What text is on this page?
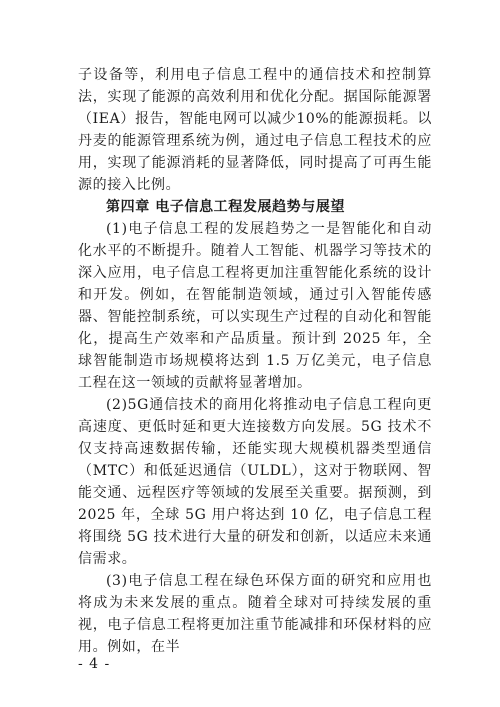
子设备等，利用电子信息工程中的通信技术和控制算法，实现了能源的高效利用和优化分配。据国际能源署（IEA）报告，智能电网可以减少10%的能源损耗。以丹麦的能源管理系统为例，通过电子信息工程技术的应用，实现了能源消耗的显著降低，同时提高了可再生能源的接入比例。

第四章 电子信息工程发展趋势与展望

(1)电子信息工程的发展趋势之一是智能化和自动化水平的不断提升。随着人工智能、机器学习等技术的深入应用，电子信息工程将更加注重智能化系统的设计和开发。例如，在智能制造领域，通过引入智能传感器、智能控制系统，可以实现生产过程的自动化和智能化，提高生产效率和产品质量。预计到 2025 年，全球智能制造市场规模将达到 1.5 万亿美元，电子信息工程在这一领域的贡献将显著增加。

(2)5G通信技术的商用化将推动电子信息工程向更高速度、更低时延和更大连接数方向发展。5G 技术不仅支持高速数据传输，还能实现大规模机器类型通信（MTC）和低延迟通信（ULDL），这对于物联网、智能交通、远程医疗等领域的发展至关重要。据预测，到 2025 年，全球 5G 用户将达到 10 亿，电子信息工程将围绕 5G 技术进行大量的研发和创新，以适应未来通信需求。

(3)电子信息工程在绿色环保方面的研究和应用也将成为未来发展的重点。随着全球对可持续发展的重视，电子信息工程将更加注重节能减排和环保材料的应用。例如，在半

- 4 -
